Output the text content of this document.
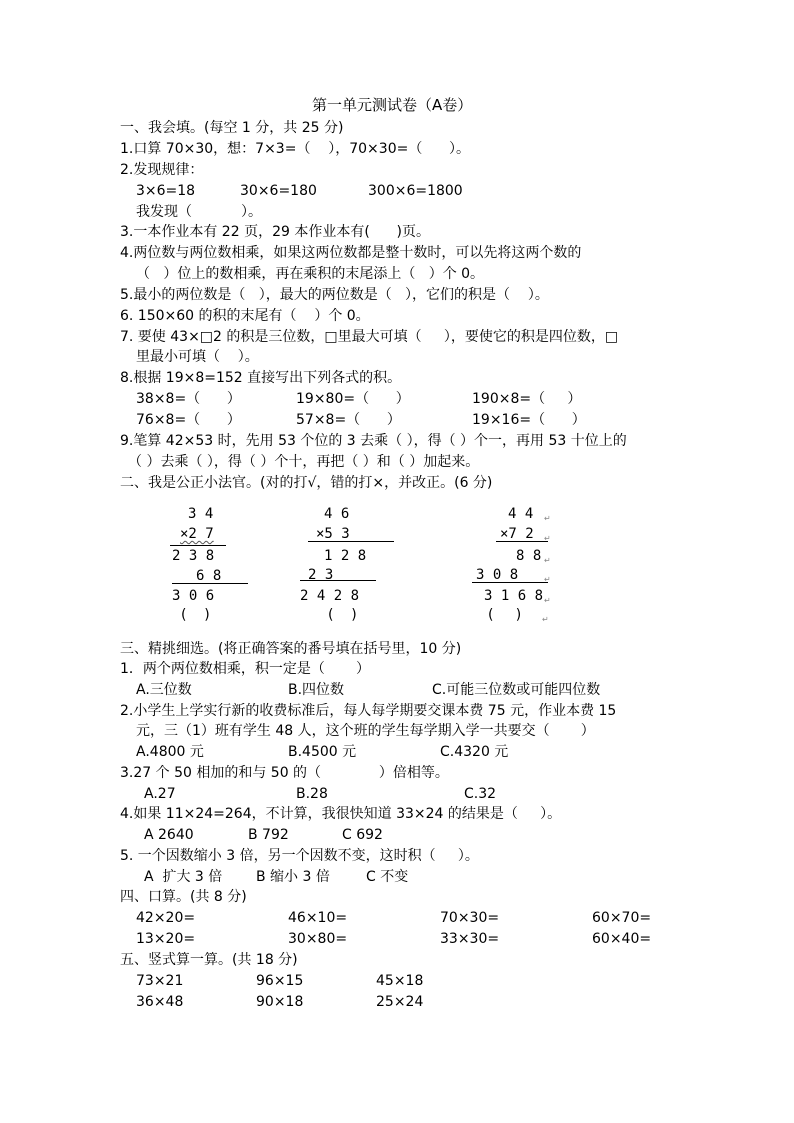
第一单元测试卷（A卷）
一、我会填。(每空 1 分，共 25 分)
1.口算 70×30，想：7×3=（    ），70×30=（      ）。
2.发现规律：
3×6=18	30×6=180	300×6=1800
我发现（           ）。
3.一本作业本有 22 页，29 本作业本有(      )页。
4.两位数与两位数相乘，如果这两位数都是整十数时，可以先将这两个数的
（   ）位上的数相乘，再在乘积的末尾添上（   ）个 0。
5.最小的两位数是（   ），最大的两位数是（   ），它们的积是（    ）。
6. 150×60 的积的末尾有（    ）个 0。
7. 要使 43×□2 的积是三位数，□里最大可填（     ），要使它的积是四位数，□
里最小可填（    ）。
8.根据 19×8=152 直接写出下列各式的积。
38×8=（      ）	19×80=（      ）	190×8=（     ）
76×8=（      ）	57×8=（      ）	19×16=（      ）
9.笔算 42×53 时，先用 53 个位的 3 去乘（ ），得（ ）个一，再用 53 十位上的
（ ）去乘（ ），得（ ）个十，再把（ ）和（ ）加起来。
二、我是公正小法官。(对的打√，错的打×，并改正。(6 分)
3 4
×2 7
2 3 8
6 8
3 0 6
(    )
4 6
×5 3
1 2 8
2 3
2 4 2 8
(    )
4 4 ↵
×7 2 ↵
8 8 ↵
3 0 8	↵
3 1 6 8 ↵
(     )	↵
三、精挑细选。(将正确答案的番号填在括号里，10 分)
1．两个两位数相乘，积一定是（       ）
A.三位数	B.四位数	C.可能三位数或可能四位数
2.小学生上学实行新的收费标准后，每人每学期要交课本费 75 元，作业本费 15
元，三（1）班有学生 48 人，这个班的学生每学期入学一共要交（       ）
A.4800 元	B.4500 元	C.4320 元
3.27 个 50 相加的和与 50 的（             ）倍相等。
A.27	B.28	C.32
4.如果 11×24=264，不计算，我很快知道 33×24 的结果是（     ）。
A 2640	B 792	C 692
5. 一个因数缩小 3 倍，另一个因数不变，这时积（     ）。
A  扩大 3 倍 B 缩小 3 倍	C 不变
四、口算。(共 8 分)
42×20=	46×10=	70×30=	60×70=
13×20=	30×80=	33×30=	60×40=
五、竖式算一算。(共 18 分)
73×21	96×15	45×18
36×48	90×18	25×24
